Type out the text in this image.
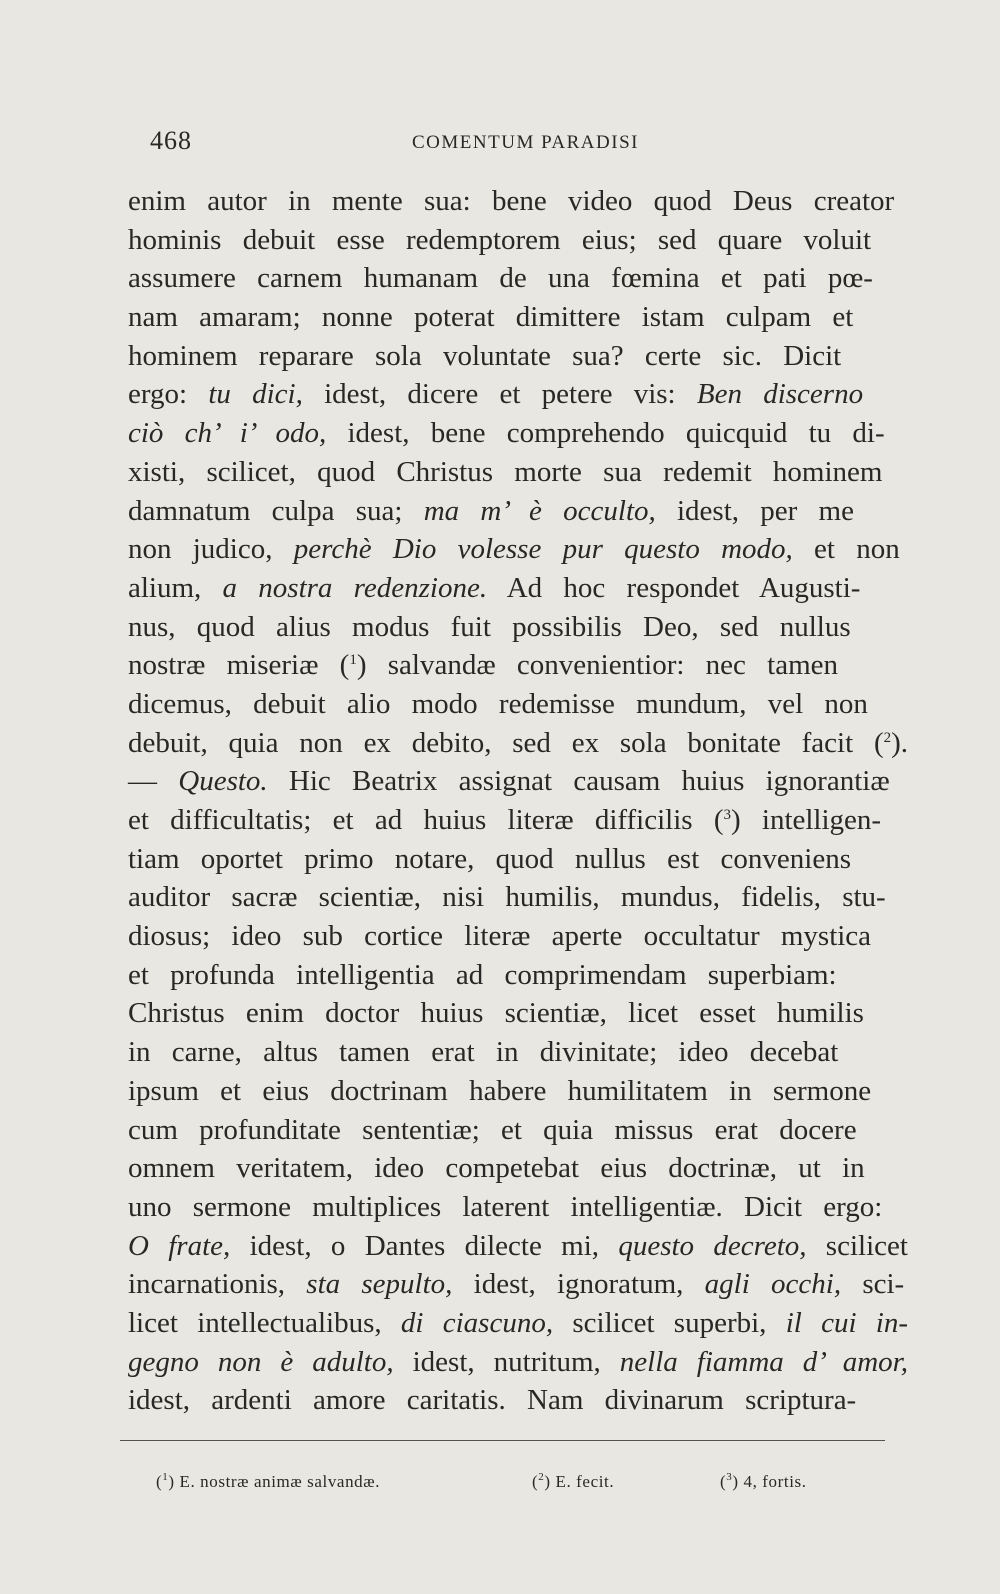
468	COMENTUM PARADISI
enim autor in mente sua: bene video quod Deus creator
hominis debuit esse redemptorem eius; sed quare voluit
assumere carnem humanam de una fœmina et pati pœ-
nam amaram; nonne poterat dimittere istam culpam et
hominem reparare sola voluntate sua? certe sic. Dicit
ergo: tu dici, idest, dicere et petere vis: Ben discerno
ciò ch’ i’ odo, idest, bene comprehendo quicquid tu di-
xisti, scilicet, quod Christus morte sua redemit hominem
damnatum culpa sua; ma m’ è occulto, idest, per me
non judico, perchè Dio volesse pur questo modo, et non
alium, a nostra redenzione. Ad hoc respondet Augusti-
nus, quod alius modus fuit possibilis Deo, sed nullus
nostræ miseriæ ($^1$) salvandæ convenientior: nec tamen
dicemus, debuit alio modo redemisse mundum, vel non
debuit, quia non ex debito, sed ex sola bonitate facit ($^2$).
— Questo. Hic Beatrix assignat causam huius ignorantiæ
et difficultatis; et ad huius literæ difficilis ($^3$) intelligen-
tiam oportet primo notare, quod nullus est conveniens
auditor sacræ scientiæ, nisi humilis, mundus, fidelis, stu-
diosus; ideo sub cortice literæ aperte occultatur mystica
et profunda intelligentia ad comprimendam superbiam:
Christus enim doctor huius scientiæ, licet esset humilis
in carne, altus tamen erat in divinitate; ideo decebat
ipsum et eius doctrinam habere humilitatem in sermone
cum profunditate sententiæ; et quia missus erat docere
omnem veritatem, ideo competebat eius doctrinæ, ut in
uno sermone multiplices laterent intelligentiæ. Dicit ergo:
O frate, idest, o Dantes dilecte mi, questo decreto, scilicet
incarnationis, sta sepulto, idest, ignoratum, agli occhi, sci-
licet intellectualibus, di ciascuno, scilicet superbi, il cui in-
gegno non è adulto, idest, nutritum, nella fiamma d’ amor,
idest, ardenti amore caritatis. Nam divinarum scriptura-
($^1$) E. nostræ animæ salvandæ.	($^2$) E. fecit.	($^3$) 4, fortis.
